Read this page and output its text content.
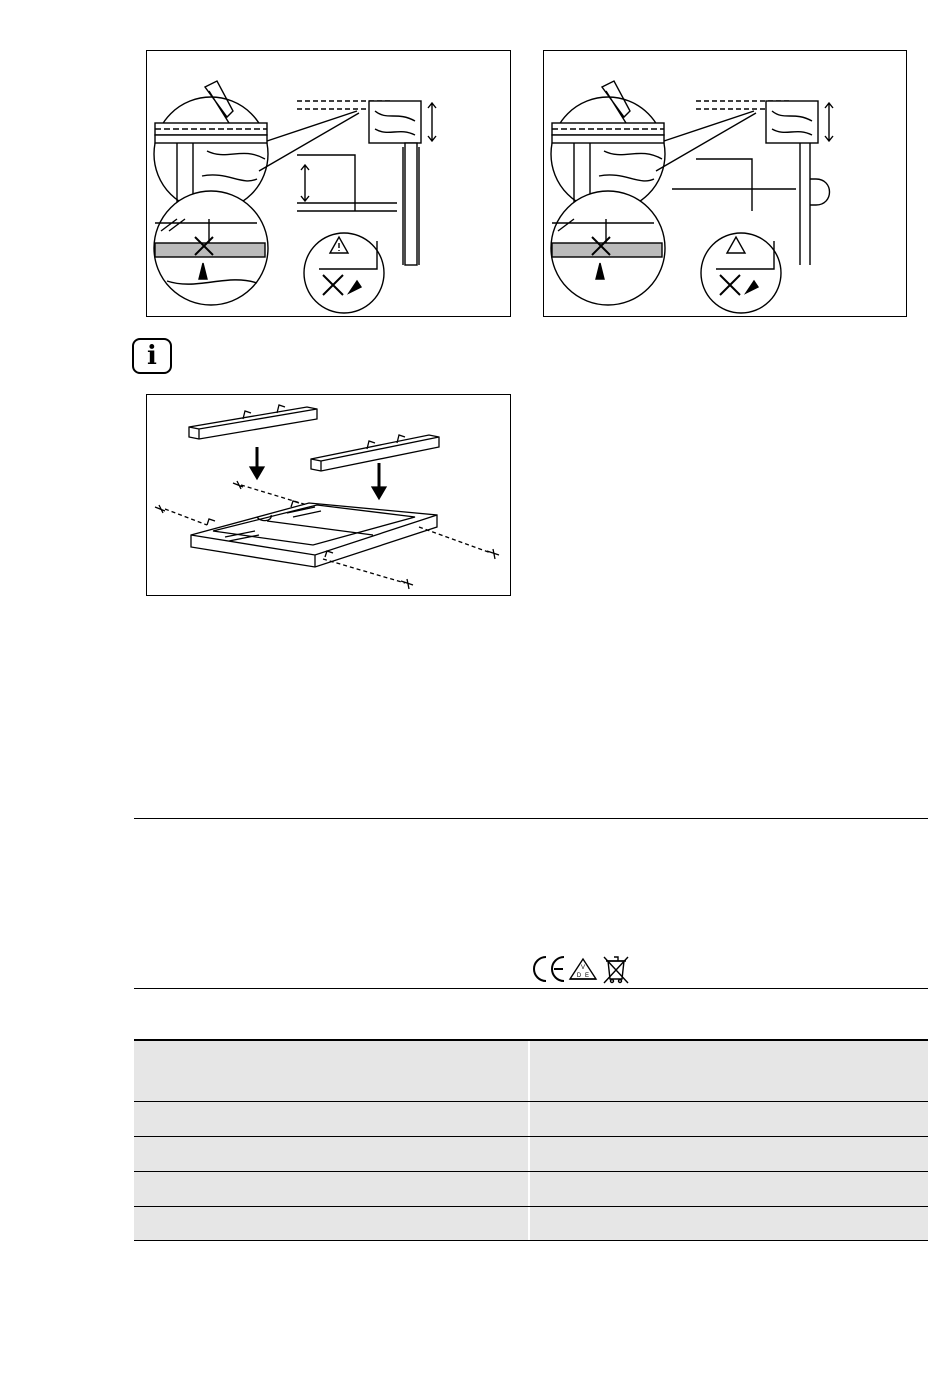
i
V
D E
